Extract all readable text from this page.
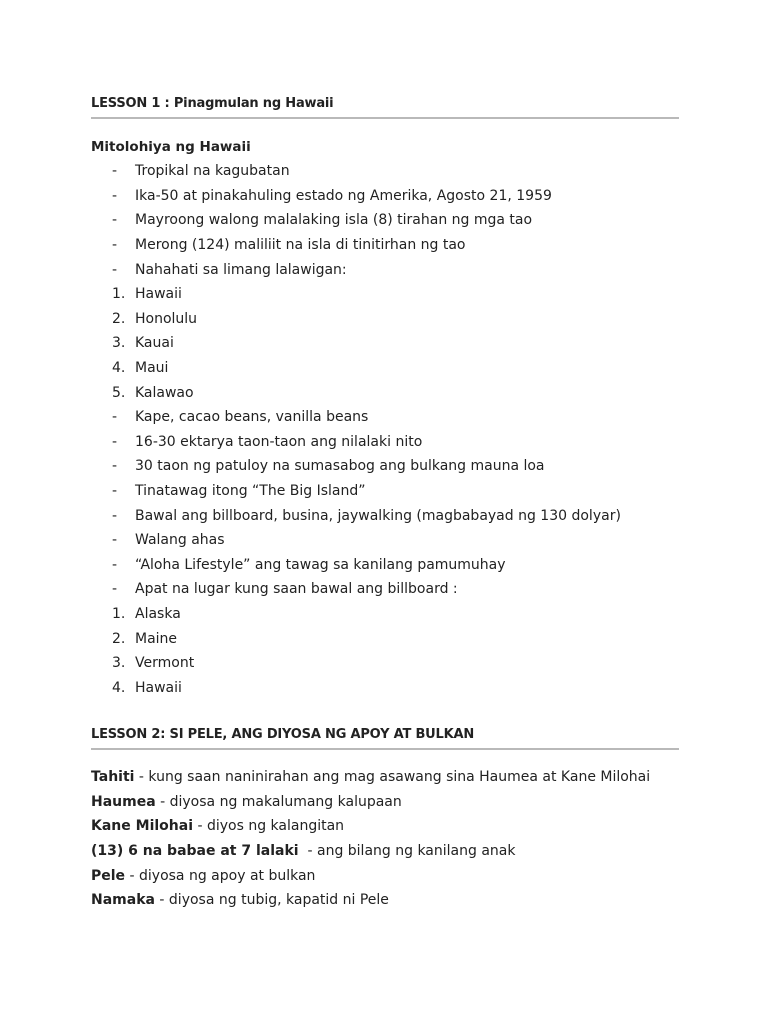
LESSON 1 : Pinagmulan ng Hawaii
Mitolohiya ng Hawaii
-	Tropikal na kagubatan
-	Ika-50 at pinakahuling estado ng Amerika, Agosto 21, 1959
-	Mayroong walong malalaking isla (8) tirahan ng mga tao
-	Merong (124) maliliit na isla di tinitirhan ng tao
-	Nahahati sa limang lalawigan:
1. Hawaii
2. Honolulu
3. Kauai
4. Maui
5. Kalawao
-	Kape, cacao beans, vanilla beans
-	16-30 ektarya taon-taon ang nilalaki nito
-	30 taon ng patuloy na sumasabog ang bulkang mauna loa
-	Tinatawag itong “The Big Island”
-	Bawal ang billboard, busina, jaywalking (magbabayad ng 130 dolyar)
-	Walang ahas
-	“Aloha Lifestyle” ang tawag sa kanilang pamumuhay
-	Apat na lugar kung saan bawal ang billboard :
1. Alaska
2. Maine
3. Vermont
4. Hawaii
LESSON 2: SI PELE, ANG DIYOSA NG APOY AT BULKAN
Tahiti - kung saan naninirahan ang mag asawang sina Haumea at Kane Milohai
Haumea - diyosa ng makalumang kalupaan
Kane Milohai - diyos ng kalangitan
(13) 6 na babae at 7 lalaki - ang bilang ng kanilang anak
Pele - diyosa ng apoy at bulkan
Namaka - diyosa ng tubig, kapatid ni Pele
